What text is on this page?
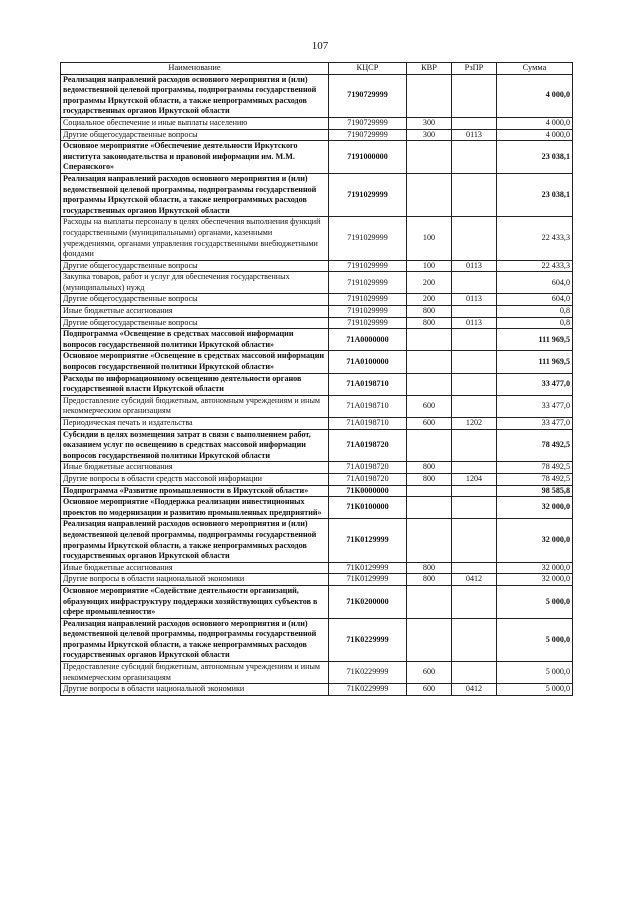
107
Наименование	КЦСР	КВР	РзПР	Сумма
Реализация направлений расходов основного мероприятия и (или) ведомственной целевой программы, подпрограммы государственной программы Иркутской области, а также непрограммных расходов государственных органов Иркутской области	7190729999			4 000,0
Социальное обеспечение и иные выплаты населению	7190729999	300		4 000,0
Другие общегосударственные вопросы	7190729999	300	0113	4 000,0
Основное мероприятие «Обеспечение деятельности Иркутского института законодательства и правовой информации им. М.М. Сперанского»	7191000000			23 038,1
Реализация направлений расходов основного мероприятия и (или) ведомственной целевой программы, подпрограммы государственной программы Иркутской области, а также непрограммных расходов государственных органов Иркутской области	7191029999			23 038,1
Расходы на выплаты персоналу в целях обеспечения выполнения функций государственными (муниципальными) органами, казенными учреждениями, органами управления государственными внебюджетными фондами	7191029999	100		22 433,3
Другие общегосударственные вопросы	7191029999	100	0113	22 433,3
Закупка товаров, работ и услуг для обеспечения государственных (муниципальных) нужд	7191029999	200		604,0
Другие общегосударственные вопросы	7191029999	200	0113	604,0
Иные бюджетные ассигнования	7191029999	800		0,8
Другие общегосударственные вопросы	7191029999	800	0113	0,8
Подпрограмма «Освещение в средствах массовой информации вопросов государственной политики Иркутской области»	71А0000000			111 969,5
Основное мероприятие «Освещение в средствах массовой информации вопросов государственной политики Иркутской области»	71А0100000			111 969,5
Расходы по информационному освещению деятельности органов государственной власти Иркутской области	71А0198710			33 477,0
Предоставление субсидий бюджетным, автономным учреждениям и иным некоммерческим организациям	71А0198710	600		33 477,0
Периодическая печать и издательства	71А0198710	600	1202	33 477,0
Субсидии в целях возмещения затрат в связи с выполнением работ, оказанием услуг по освещению в средствах массовой информации вопросов государственной политики Иркутской области	71А0198720			78 492,5
Иные бюджетные ассигнования	71А0198720	800		78 492,5
Другие вопросы в области средств массовой информации	71А0198720	800	1204	78 492,5
Подпрограмма «Развитие промышленности в Иркутской области»	71К0000000			98 585,8
Основное мероприятие «Поддержка реализации инвестиционных проектов по модернизации и развитию промышленных предприятий»	71К0100000			32 000,0
Реализация направлений расходов основного мероприятия и (или) ведомственной целевой программы, подпрограммы государственной программы Иркутской области, а также непрограммных расходов государственных органов Иркутской области	71К0129999			32 000,0
Иные бюджетные ассигнования	71К0129999	800		32 000,0
Другие вопросы в области национальной экономики	71К0129999	800	0412	32 000,0
Основное мероприятие «Содействие деятельности организаций, образующих инфраструктуру поддержки хозяйствующих субъектов в сфере промышленности»	71К0200000			5 000,0
Реализация направлений расходов основного мероприятия и (или) ведомственной целевой программы, подпрограммы государственной программы Иркутской области, а также непрограммных расходов государственных органов Иркутской области	71К0229999			5 000,0
Предоставление субсидий бюджетным, автономным учреждениям и иным некоммерческим организациям	71К0229999	600		5 000,0
Другие вопросы в области национальной экономики	71К0229999	600	0412	5 000,0
